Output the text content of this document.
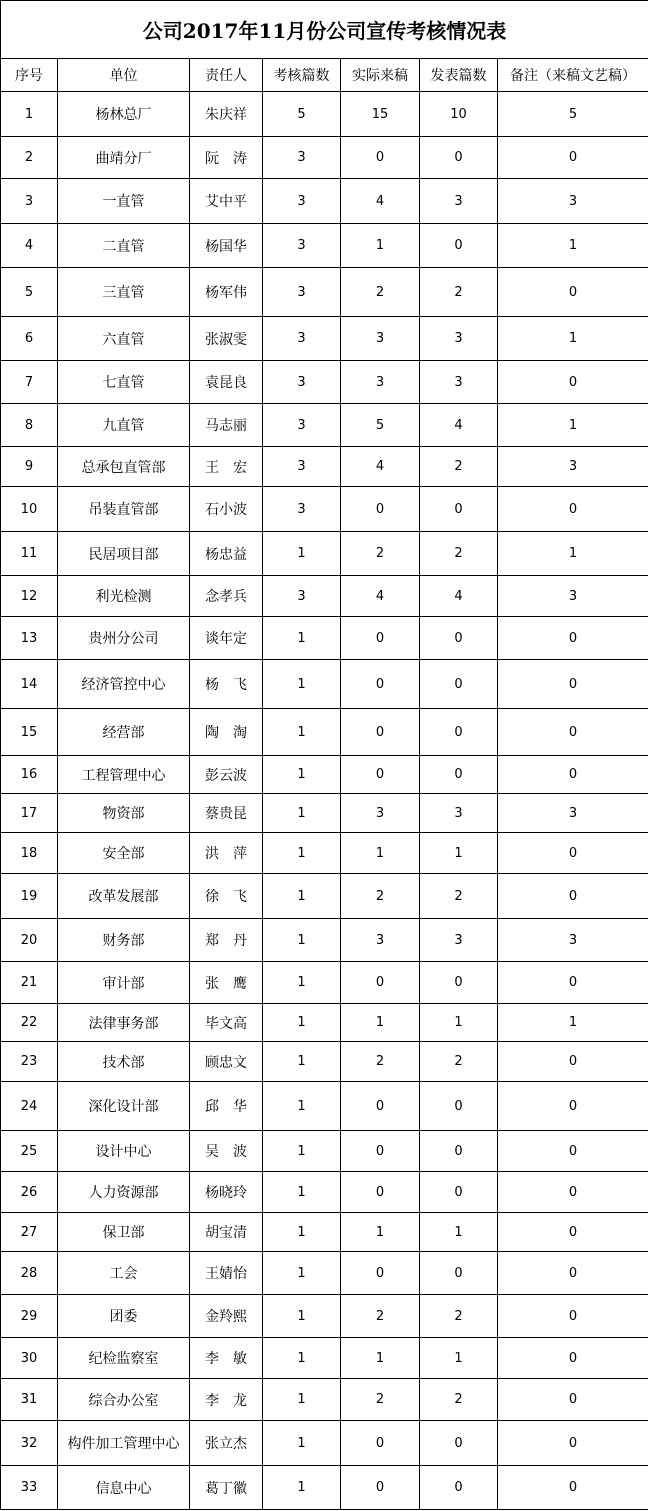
公司2017年11月份公司宣传考核情况表						
序号	单位	责任人	考核篇数	实际来稿	发表篇数	备注（来稿文艺稿）
1	杨林总厂	朱庆祥	5	15	10	5
2	曲靖分厂	阮　涛	3	0	0	0
3	一直管	艾中平	3	4	3	3
4	二直管	杨国华	3	1	0	1
5	三直管	杨军伟	3	2	2	0
6	六直管	张淑雯	3	3	3	1
7	七直管	袁昆良	3	3	3	0
8	九直管	马志丽	3	5	4	1
9	总承包直管部	王　宏	3	4	2	3
10	吊装直管部	石小波	3	0	0	0
11	民居项目部	杨忠益	1	2	2	1
12	利光检测	念孝兵	3	4	4	3
13	贵州分公司	谈年定	1	0	0	0
14	经济管控中心	杨　飞	1	0	0	0
15	经营部	陶　淘	1	0	0	0
16	工程管理中心	彭云波	1	0	0	0
17	物资部	蔡贵昆	1	3	3	3
18	安全部	洪　萍	1	1	1	0
19	改革发展部	徐　飞	1	2	2	0
20	财务部	郑　丹	1	3	3	3
21	审计部	张　鹰	1	0	0	0
22	法律事务部	毕文高	1	1	1	1
23	技术部	顾忠文	1	2	2	0
24	深化设计部	邱　华	1	0	0	0
25	设计中心	吴　波	1	0	0	0
26	人力资源部	杨晓玲	1	0	0	0
27	保卫部	胡宝清	1	1	1	0
28	工会	王婧怡	1	0	0	0
29	团委	金羚熙	1	2	2	0
30	纪检监察室	李　敏	1	1	1	0
31	综合办公室	李　龙	1	2	2	0
32	构件加工管理中心	张立杰	1	0	0	0
33	信息中心	葛丁徽	1	0	0	0
